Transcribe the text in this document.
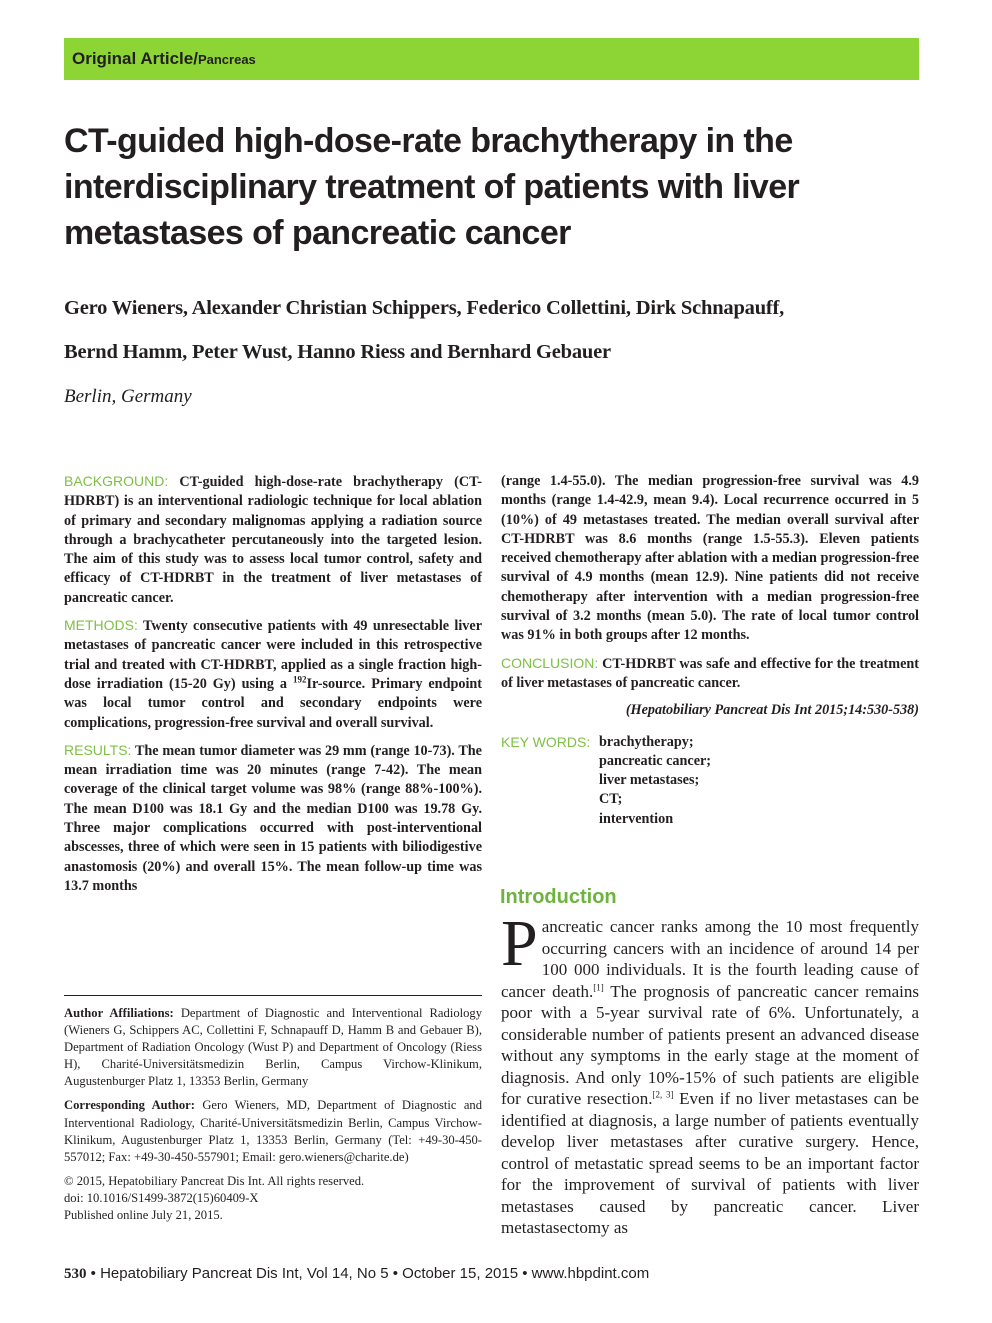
Original Article/Pancreas
CT-guided high-dose-rate brachytherapy in the interdisciplinary treatment of patients with liver metastases of pancreatic cancer
Gero Wieners, Alexander Christian Schippers, Federico Collettini, Dirk Schnapauff,
Bernd Hamm, Peter Wust, Hanno Riess and Bernhard Gebauer
Berlin, Germany

BACKGROUND: CT-guided high-dose-rate brachytherapy (CT-HDRBT) is an interventional radiologic technique for local ablation of primary and secondary malignomas applying a radiation source through a brachycatheter percutaneously into the targeted lesion. The aim of this study was to assess local tumor control, safety and efficacy of CT-HDRBT in the treatment of liver metastases of pancreatic cancer.

METHODS: Twenty consecutive patients with 49 unresectable liver metastases of pancreatic cancer were included in this retrospective trial and treated with CT-HDRBT, applied as a single fraction high-dose irradiation (15-20 Gy) using a $^{192}$Ir-source. Primary endpoint was local tumor control and secondary endpoints were complications, progression-free survival and overall survival.

RESULTS: The mean tumor diameter was 29 mm (range 10-73). The mean irradiation time was 20 minutes (range 7-42). The mean coverage of the clinical target volume was 98% (range 88%-100%). The mean D100 was 18.1 Gy and the median D100 was 19.78 Gy. Three major complications occurred with post-interventional abscesses, three of which were seen in 15 patients with biliodigestive anastomosis (20%) and overall 15%. The mean follow-up time was 13.7 months

(range 1.4-55.0). The median progression-free survival was 4.9 months (range 1.4-42.9, mean 9.4). Local recurrence occurred in 5 (10%) of 49 metastases treated. The median overall survival after CT-HDRBT was 8.6 months (range 1.5-55.3). Eleven patients received chemotherapy after ablation with a median progression-free survival of 4.9 months (mean 12.9). Nine patients did not receive chemotherapy after intervention with a median progression-free survival of 3.2 months (mean 5.0). The rate of local tumor control was 91% in both groups after 12 months.

CONCLUSION: CT-HDRBT was safe and effective for the treatment of liver metastases of pancreatic cancer.

(Hepatobiliary Pancreat Dis Int 2015;14:530-538)

KEY WORDS: brachytherapy;
pancreatic cancer;
liver metastases;
CT;
intervention
Introduction

Pancreatic cancer ranks among the 10 most frequently occurring cancers with an incidence of around 14 per 100 000 individuals. It is the fourth leading cause of cancer death.[1] The prognosis of pancreatic cancer remains poor with a 5-year survival rate of 6%. Unfortunately, a considerable number of patients present an advanced disease without any symptoms in the early stage at the moment of diagnosis. And only 10%-15% of such patients are eligible for curative resection.[2, 3] Even if no liver metastases can be identified at diagnosis, a large number of patients eventually develop liver metastases after curative surgery. Hence, control of metastatic spread seems to be an important factor for the improvement of survival of patients with liver metastases caused by pancreatic cancer. Liver metastasectomy as

Author Affiliations: Department of Diagnostic and Interventional Radiology (Wieners G, Schippers AC, Collettini F, Schnapauff D, Hamm B and Gebauer B), Department of Radiation Oncology (Wust P) and Department of Oncology (Riess H), Charité-Universitätsmedizin Berlin, Campus Virchow-Klinikum, Augustenburger Platz 1, 13353 Berlin, Germany

Corresponding Author: Gero Wieners, MD, Department of Diagnostic and Interventional Radiology, Charité-Universitätsmedizin Berlin, Campus Virchow-Klinikum, Augustenburger Platz 1, 13353 Berlin, Germany (Tel: +49-30-450-557012; Fax: +49-30-450-557901; Email: gero.wieners@charite.de)

© 2015, Hepatobiliary Pancreat Dis Int. All rights reserved.
doi: 10.1016/S1499-3872(15)60409-X
Published online July 21, 2015.

530 • Hepatobiliary Pancreat Dis Int, Vol 14, No 5 • October 15, 2015 • www.hbpdint.com
